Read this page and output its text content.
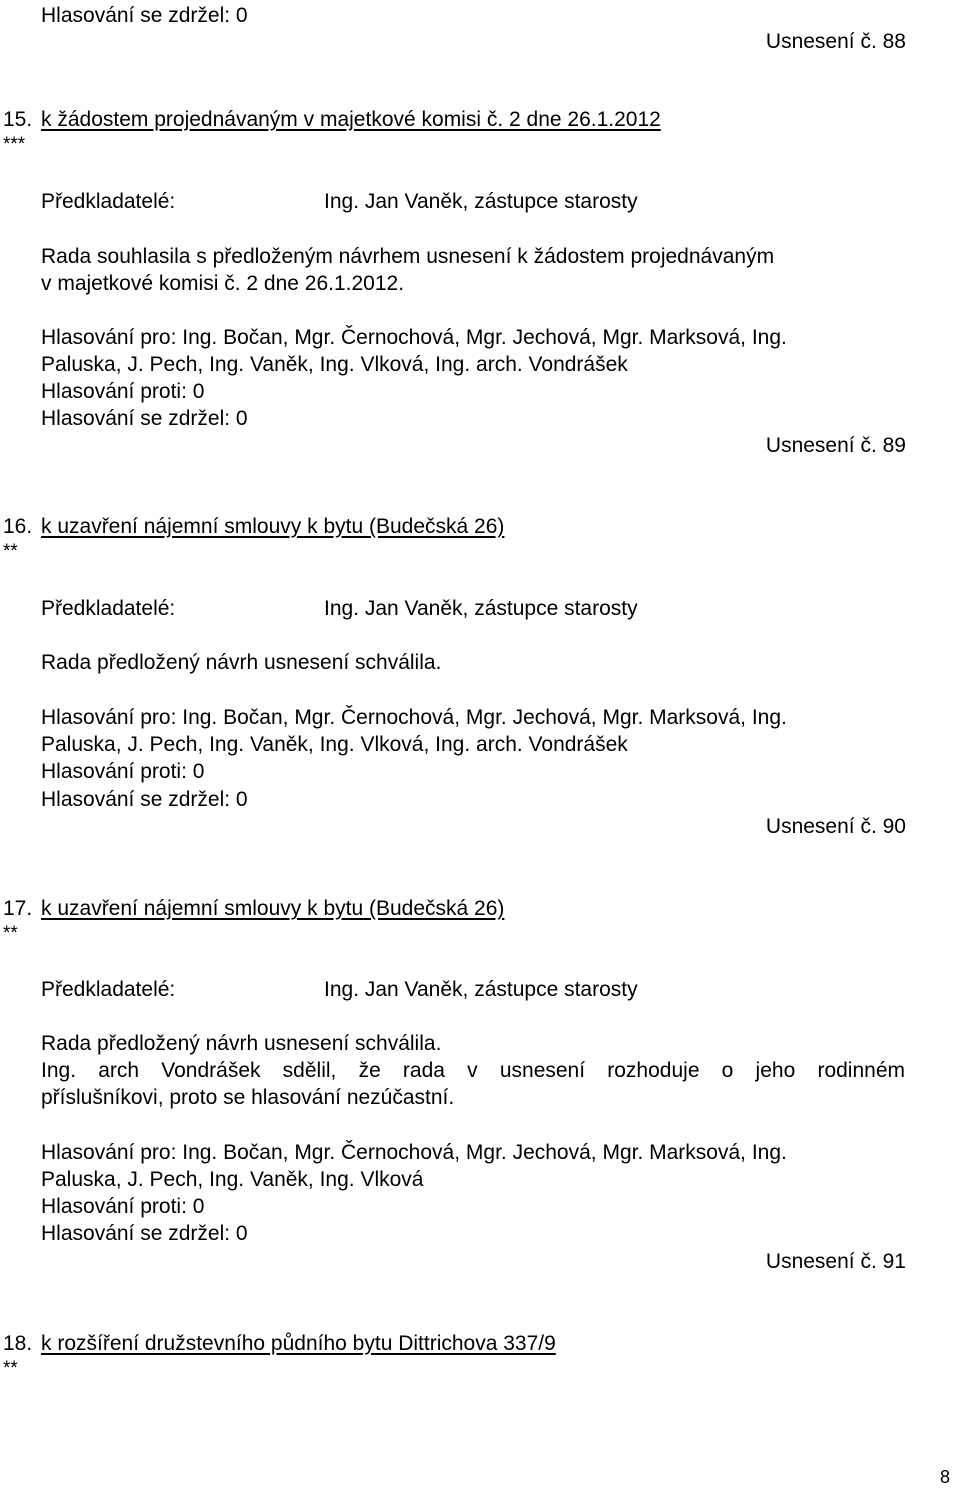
Hlasování se zdržel: 0
Usnesení č. 88
15. k žádostem projednávaným v majetkové komisi č. 2 dne 26.1.2012
***
Předkladatelé:	Ing. Jan Vaněk, zástupce starosty
Rada souhlasila s předloženým návrhem usnesení k žádostem projednávaným
v majetkové komisi č. 2 dne 26.1.2012.
Hlasování pro: Ing. Bočan, Mgr. Černochová, Mgr. Jechová, Mgr. Marksová, Ing.
Paluska, J. Pech, Ing. Vaněk, Ing. Vlková, Ing. arch. Vondrášek
Hlasování proti: 0
Hlasování se zdržel: 0
Usnesení č. 89
16. k uzavření nájemní smlouvy k bytu (Budečská 26)
**
Předkladatelé:	Ing. Jan Vaněk, zástupce starosty
Rada předložený návrh usnesení schválila.
Hlasování pro: Ing. Bočan, Mgr. Černochová, Mgr. Jechová, Mgr. Marksová, Ing.
Paluska, J. Pech, Ing. Vaněk, Ing. Vlková, Ing. arch. Vondrášek
Hlasování proti: 0
Hlasování se zdržel: 0
Usnesení č. 90
17. k uzavření nájemní smlouvy k bytu (Budečská 26)
**
Předkladatelé:	Ing. Jan Vaněk, zástupce starosty
Rada předložený návrh usnesení schválila.
Ing. arch Vondrášek sdělil, že rada v usnesení rozhoduje o jeho rodinném
příslušníkovi, proto se hlasování nezúčastní.
Hlasování pro: Ing. Bočan, Mgr. Černochová, Mgr. Jechová, Mgr. Marksová, Ing.
Paluska, J. Pech, Ing. Vaněk, Ing. Vlková
Hlasování proti: 0
Hlasování se zdržel: 0
Usnesení č. 91
18. k rozšíření družstevního půdního bytu Dittrichova 337/9
**
8
